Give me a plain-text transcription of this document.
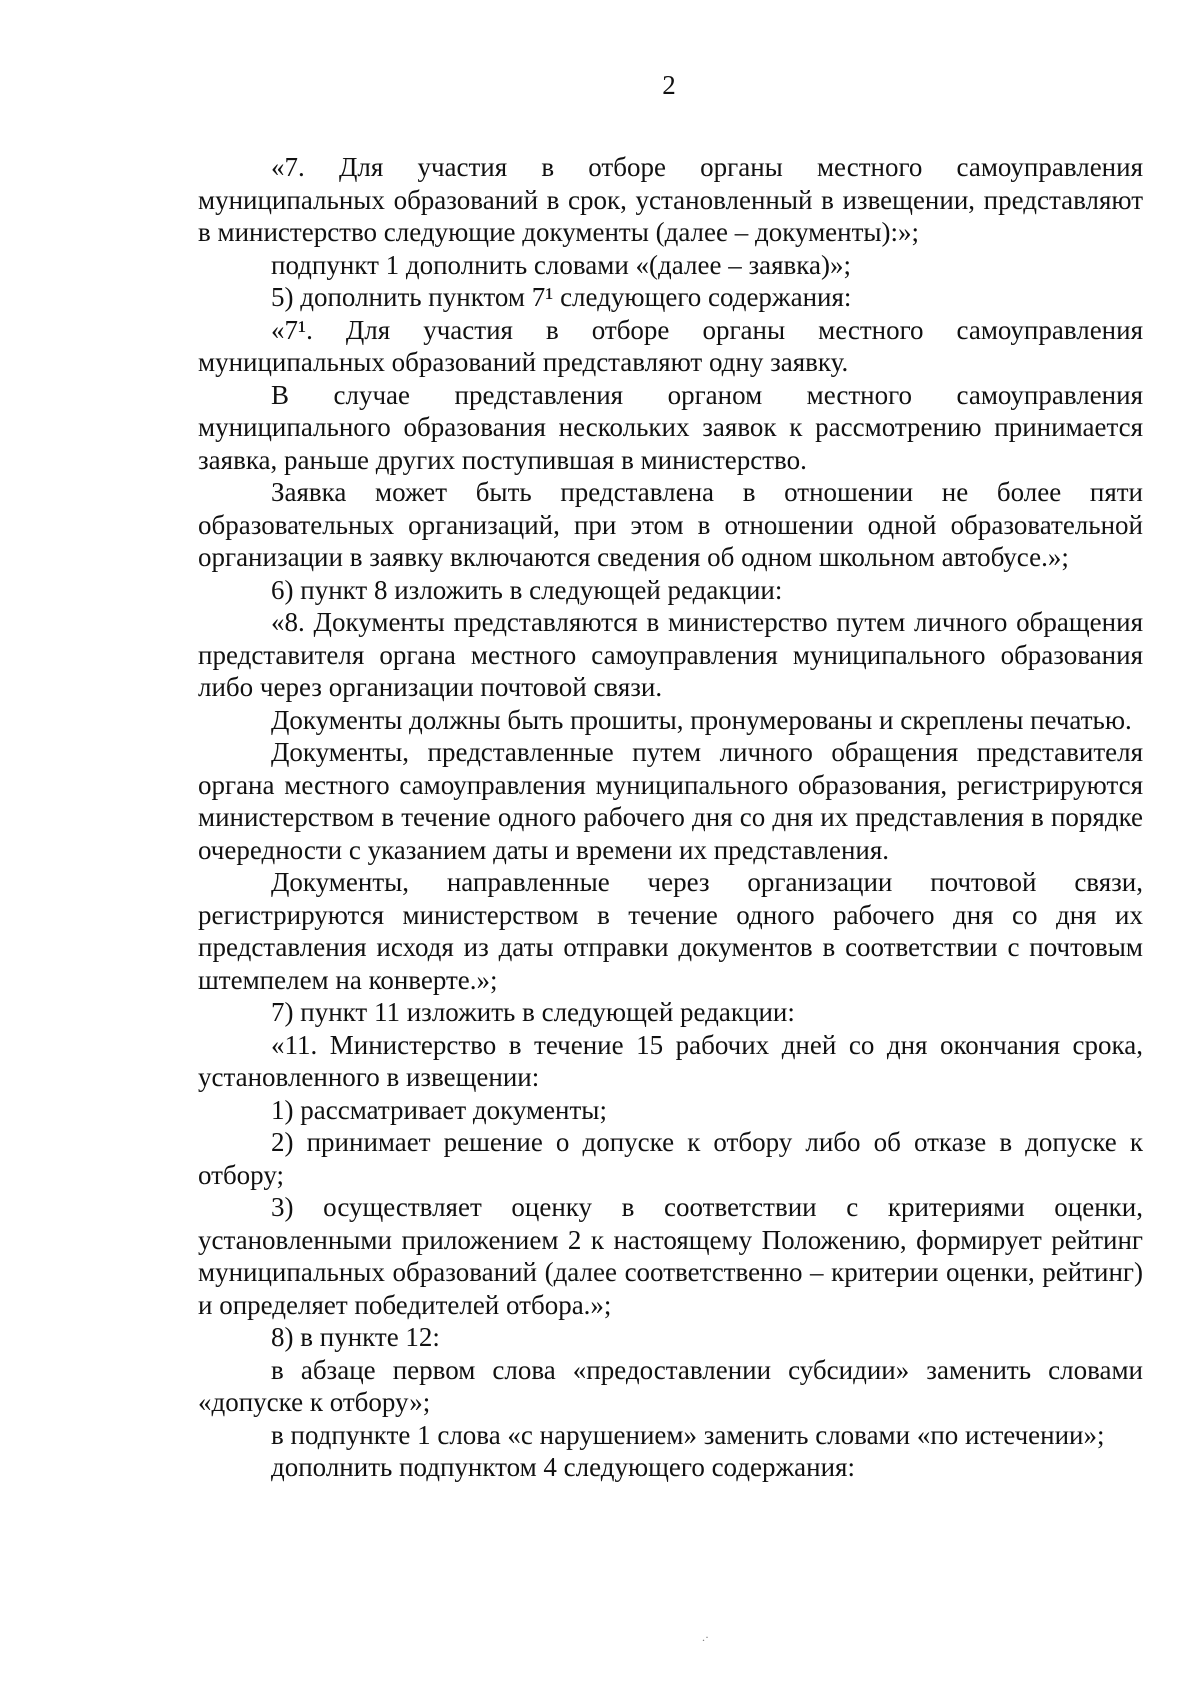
2

«7. Для участия в отборе органы местного самоуправления муниципальных образований в срок, установленный в извещении, представляют в министерство следующие документы (далее – документы):»;

подпункт 1 дополнить словами «(далее – заявка)»;

5) дополнить пунктом 7¹ следующего содержания:

«7¹. Для участия в отборе органы местного самоуправления муниципальных образований представляют одну заявку.

В случае представления органом местного самоуправления муниципального образования нескольких заявок к рассмотрению принимается заявка, раньше других поступившая в министерство.

Заявка может быть представлена в отношении не более пяти образовательных организаций, при этом в отношении одной образовательной организации в заявку включаются сведения об одном школьном автобусе.»;

6) пункт 8 изложить в следующей редакции:

«8. Документы представляются в министерство путем личного обращения представителя органа местного самоуправления муниципального образования либо через организации почтовой связи.

Документы должны быть прошиты, пронумерованы и скреплены печатью.

Документы, представленные путем личного обращения представителя органа местного самоуправления муниципального образования, регистрируются министерством в течение одного рабочего дня со дня их представления в порядке очередности с указанием даты и времени их представления.

Документы, направленные через организации почтовой связи, регистрируются министерством в течение одного рабочего дня со дня их представления исходя из даты отправки документов в соответствии с почтовым штемпелем на конверте.»;

7) пункт 11 изложить в следующей редакции:

«11. Министерство в течение 15 рабочих дней со дня окончания срока, установленного в извещении:

1) рассматривает документы;

2) принимает решение о допуске к отбору либо об отказе в допуске к отбору;

3) осуществляет оценку в соответствии с критериями оценки, установленными приложением 2 к настоящему Положению, формирует рейтинг муниципальных образований (далее соответственно – критерии оценки, рейтинг) и определяет победителей отбора.»;

8) в пункте 12:

в абзаце первом слова «предоставлении субсидии» заменить словами «допуске к отбору»;

в подпункте 1 слова «с нарушением» заменить словами «по истечении»;

дополнить подпунктом 4 следующего содержания:

.·
